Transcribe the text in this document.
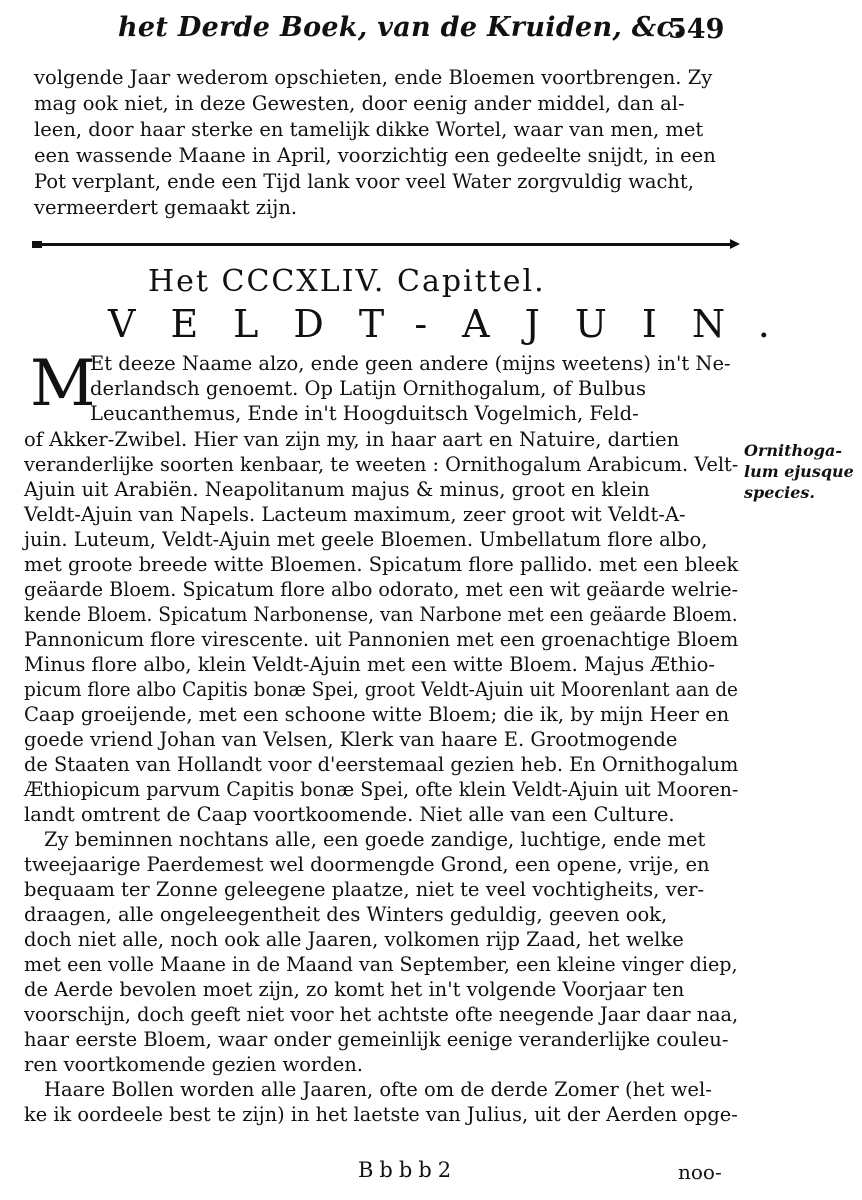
het Derde Boek, van de Kruiden, &c.
549
volgende Jaar wederom opschieten, ende Bloemen voortbrengen. Zy
mag ook niet, in deze Gewesten, door eenig ander middel, dan al-
leen, door haar sterke en tamelijk dikke Wortel, waar van men, met
een wassende Maane in April, voorzichtig een gedeelte snijdt, in een
Pot verplant, ende een Tijd lank voor veel Water zorgvuldig wacht,
vermeerdert gemaakt zijn.
Het CCCXLIV. Capittel.
VELDT-AJUIN.
M
Et deeze Naame alzo, ende geen andere (mijns weetens) in't Ne-
derlandsch genoemt. Op Latijn Ornithogalum, of Bulbus
Leucanthemus, Ende in't Hoogduitsch Vogelmich, Feld-
of Akker-Zwibel. Hier van zijn my, in haar aart en Natuire, dartien
veranderlijke soorten kenbaar, te weeten : Ornithogalum Arabicum. Velt-
Ajuin uit Arabiën. Neapolitanum majus & minus, groot en klein
Veldt-Ajuin van Napels. Lacteum maximum, zeer groot wit Veldt-A-
juin. Luteum, Veldt-Ajuin met geele Bloemen. Umbellatum flore albo,
met groote breede witte Bloemen. Spicatum flore pallido. met een bleek
geäarde Bloem. Spicatum flore albo odorato, met een wit geäarde welrie-
kende Bloem. Spicatum Narbonense, van Narbone met een geäarde Bloem.
Pannonicum flore virescente. uit Pannonien met een groenachtige Bloem
Minus flore albo, klein Veldt-Ajuin met een witte Bloem. Majus Æthio-
picum flore albo Capitis bonæ Spei, groot Veldt-Ajuin uit Moorenlant aan de
Caap groeijende, met een schoone witte Bloem; die ik, by mijn Heer en
goede vriend Johan van Velsen, Klerk van haare E. Grootmogende
de Staaten van Hollandt voor d'eerstemaal gezien heb. En Ornithogalum
Æthiopicum parvum Capitis bonæ Spei, ofte klein Veldt-Ajuin uit Mooren-
landt omtrent de Caap voortkoomende. Niet alle van een Culture.
Zy beminnen nochtans alle, een goede zandige, luchtige, ende met
tweejaarige Paerdemest wel doormengde Grond, een opene, vrije, en
bequaam ter Zonne geleegene plaatze, niet te veel vochtigheits, ver-
draagen, alle ongeleegentheit des Winters geduldig, geeven ook,
doch niet alle, noch ook alle Jaaren, volkomen rijp Zaad, het welke
met een volle Maane in de Maand van September, een kleine vinger diep,
de Aerde bevolen moet zijn, zo komt het in't volgende Voorjaar ten
voorschijn, doch geeft niet voor het achtste ofte neegende Jaar daar naa,
haar eerste Bloem, waar onder gemeinlijk eenige veranderlijke couleu-
ren voortkomende gezien worden.
Haare Bollen worden alle Jaaren, ofte om de derde Zomer (het wel-
ke ik oordeele best te zijn) in het laetste van Julius, uit der Aerden opge-
Ornithoga-lum ejusque species.
Bbbb2	noo-
